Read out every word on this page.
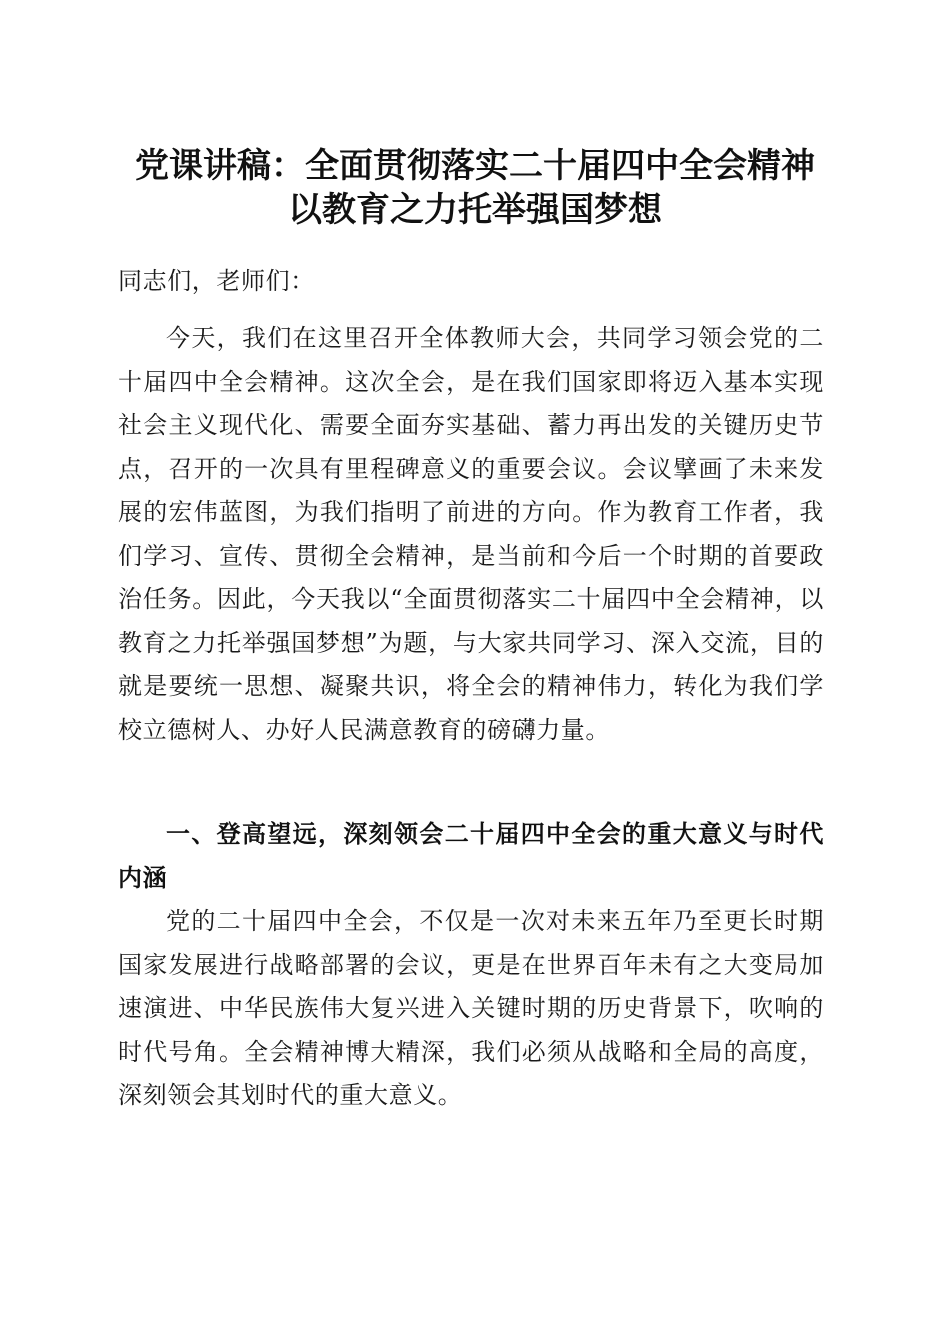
党课讲稿：全面贯彻落实二十届四中全会精神
以教育之力托举强国梦想

同志们，老师们：

今天，我们在这里召开全体教师大会，共同学习领会党的二十届四中全会精神。这次全会，是在我们国家即将迈入基本实现社会主义现代化、需要全面夯实基础、蓄力再出发的关键历史节点，召开的一次具有里程碑意义的重要会议。会议擘画了未来发展的宏伟蓝图，为我们指明了前进的方向。作为教育工作者，我们学习、宣传、贯彻全会精神，是当前和今后一个时期的首要政治任务。因此，今天我以“全面贯彻落实二十届四中全会精神，以教育之力托举强国梦想”为题，与大家共同学习、深入交流，目的就是要统一思想、凝聚共识，将全会的精神伟力，转化为我们学校立德树人、办好人民满意教育的磅礴力量。

一、登高望远，深刻领会二十届四中全会的重大意义与时代内涵

党的二十届四中全会，不仅是一次对未来五年乃至更长时期国家发展进行战略部署的会议，更是在世界百年未有之大变局加速演进、中华民族伟大复兴进入关键时期的历史背景下，吹响的时代号角。全会精神博大精深，我们必须从战略和全局的高度，深刻领会其划时代的重大意义。
